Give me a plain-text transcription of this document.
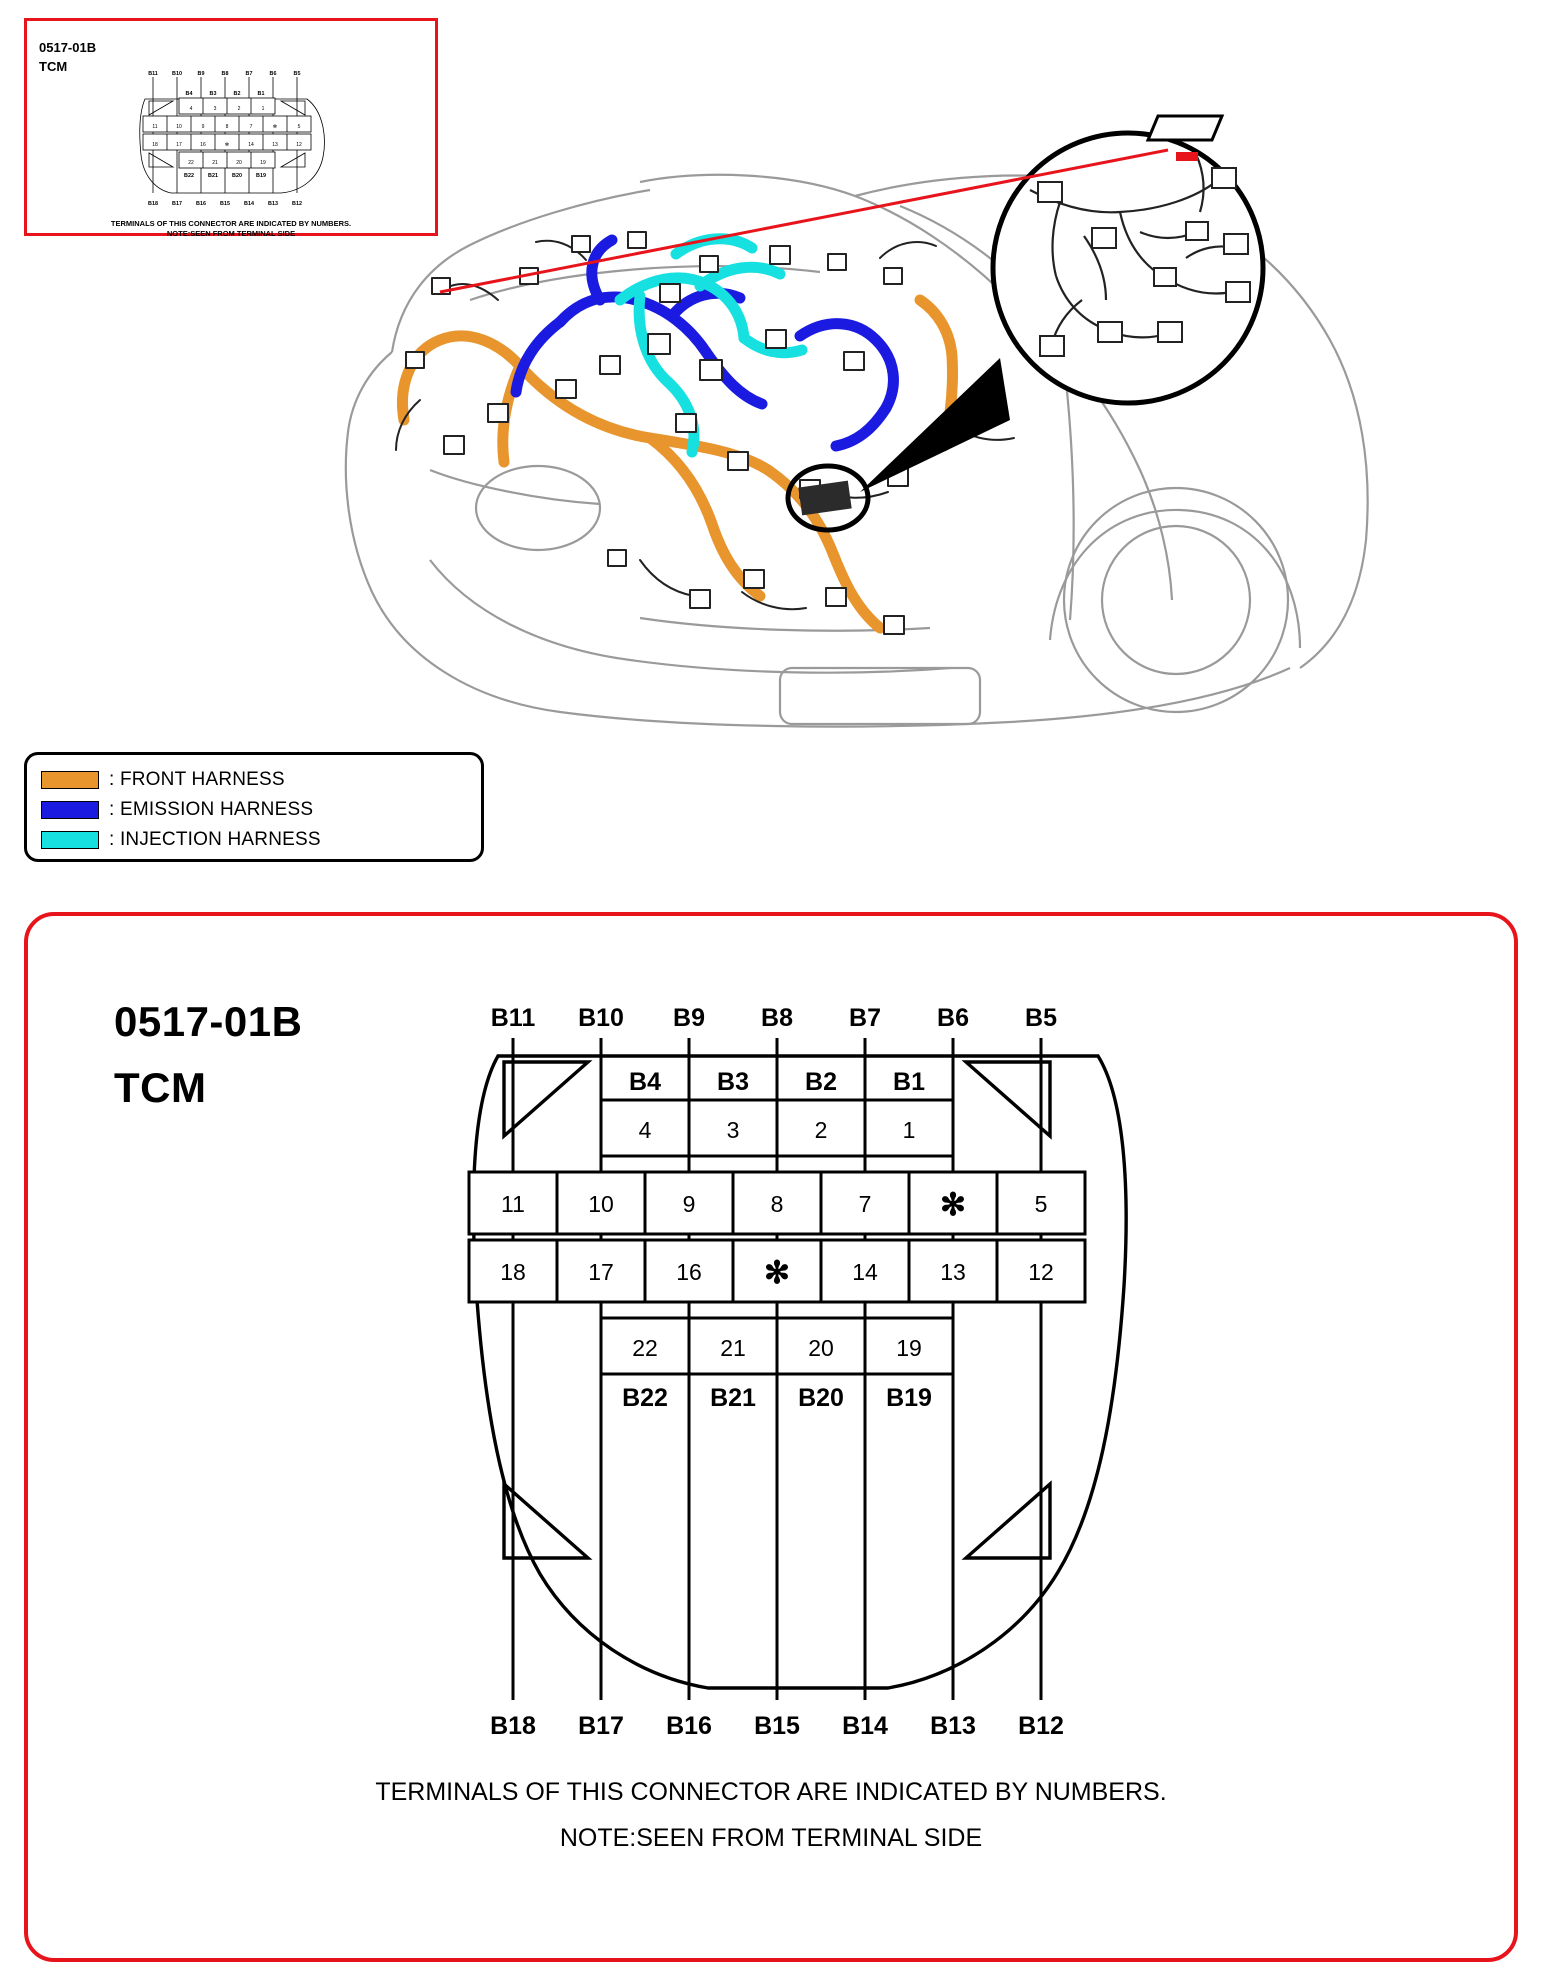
0517-01B
TCM
B11	B10	B9	B8	B7	B6	B5
B4	B3	B2	B1
B22	B21	B20	B19
B18	B17	B16	B15	B14	B13	B12
4	3	2	1
11	10	9	8	7	✻	5
18	17	16	✻	14	13	12
22	21	20	19
TERMINALS OF THIS CONNECTOR ARE INDICATED BY NUMBERS.
NOTE:SEEN FROM TERMINAL SIDE
: FRONT HARNESS
: EMISSION HARNESS
: INJECTION HARNESS
0517-01B
TCM
B11 B10 B9 B8 B7 B6 B5
B4 B3 B2 B1
4	3	2	1
11	10	9	8	7 ✻	5
18	17	16 ✻	14	13	12
22	21	20	19
B22 B21 B20 B19
B18 B17 B16 B15 B14 B13 B12
TERMINALS OF THIS CONNECTOR ARE INDICATED BY NUMBERS.
NOTE:SEEN FROM TERMINAL SIDE
